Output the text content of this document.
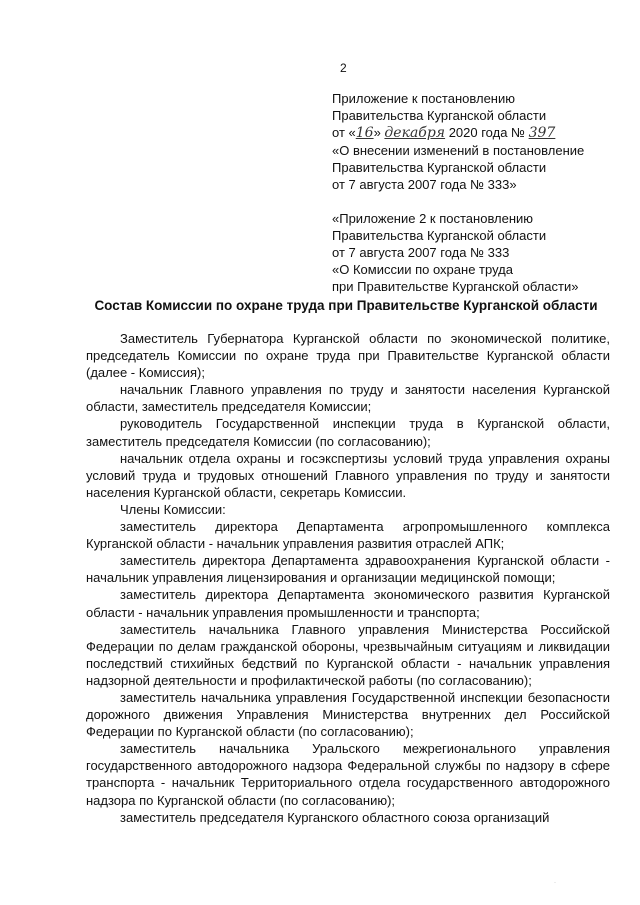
2
Приложение к постановлению
Правительства Курганской области
от «16» декабря 2020 года № 397
«О внесении изменений в постановление
Правительства Курганской области
от 7 августа 2007 года № 333»
«Приложение 2 к постановлению
Правительства Курганской области
от 7 августа 2007 года № 333
«О Комиссии по охране труда
при Правительстве Курганской области»
Состав Комиссии по охране труда при Правительстве Курганской области
Заместитель Губернатора Курганской области по экономической политике, председатель Комиссии по охране труда при Правительстве Курганской области (далее - Комиссия);
начальник Главного управления по труду и занятости населения Курганской области, заместитель председателя Комиссии;
руководитель Государственной инспекции труда в Курганской области, заместитель председателя Комиссии (по согласованию);
начальник отдела охраны и госэкспертизы условий труда управления охраны условий труда и трудовых отношений Главного управления по труду и занятости населения Курганской области, секретарь Комиссии.
Члены Комиссии:
заместитель директора Департамента агропромышленного комплекса Курганской области - начальник управления развития отраслей АПК;
заместитель директора Департамента здравоохранения Курганской области - начальник управления лицензирования и организации медицинской помощи;
заместитель директора Департамента экономического развития Курганской области - начальник управления промышленности и транспорта;
заместитель начальника Главного управления Министерства Российской Федерации по делам гражданской обороны, чрезвычайным ситуациям и ликвидации последствий стихийных бедствий по Курганской области - начальник управления надзорной деятельности и профилактической работы (по согласованию);
заместитель начальника управления Государственной инспекции безопасности дорожного движения Управления Министерства внутренних дел Российской Федерации по Курганской области (по согласованию);
заместитель начальника Уральского межрегионального управления государственного автодорожного надзора Федеральной службы по надзору в сфере транспорта - начальник Территориального отдела государственного автодорожного надзора по Курганской области (по согласованию);
заместитель председателя Курганского областного союза организаций
·
